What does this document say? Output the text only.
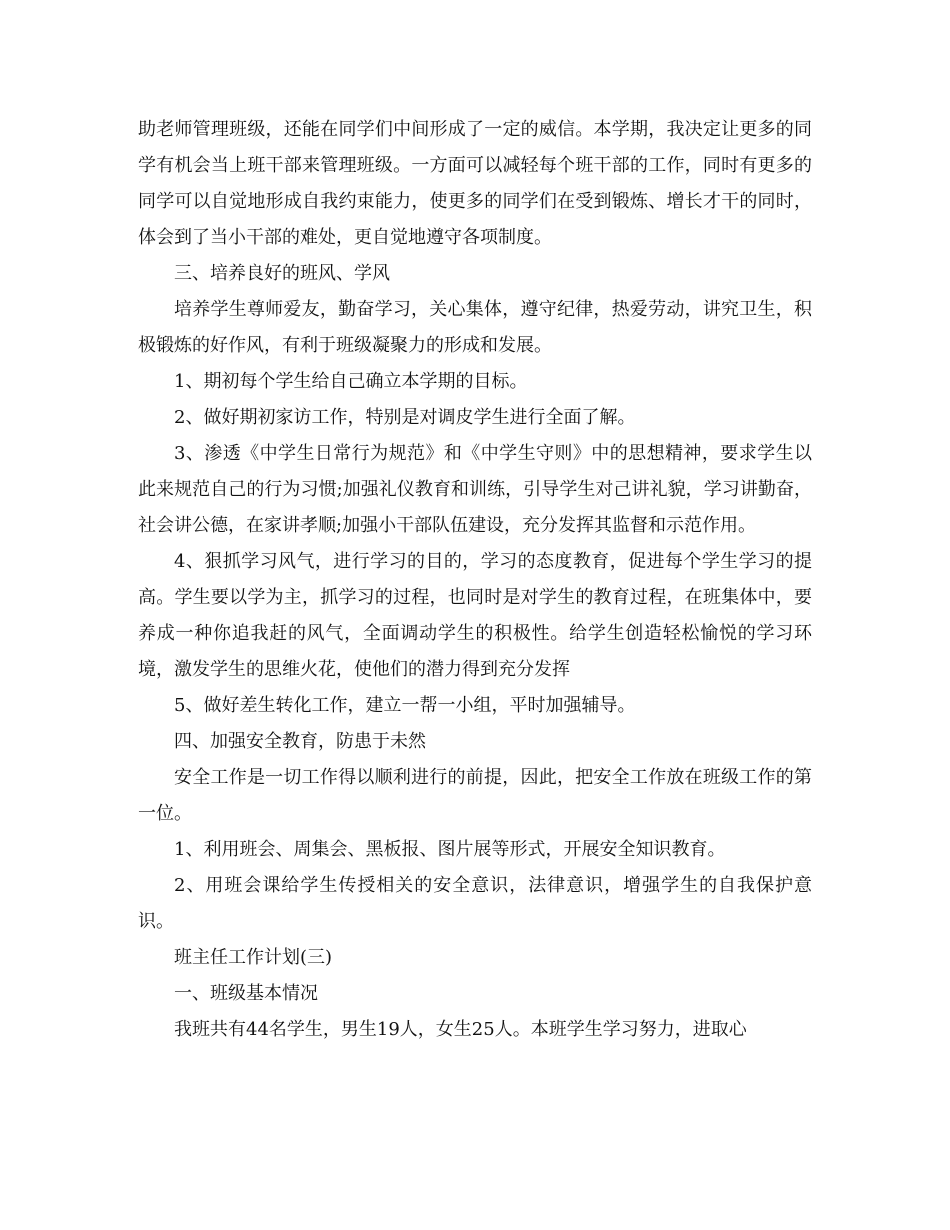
助老师管理班级，还能在同学们中间形成了一定的威信。本学期，我决定让更多的同学有机会当上班干部来管理班级。一方面可以减轻每个班干部的工作，同时有更多的同学可以自觉地形成自我约束能力，使更多的同学们在受到锻炼、增长才干的同时，体会到了当小干部的难处，更自觉地遵守各项制度。

三、培养良好的班风、学风

培养学生尊师爱友，勤奋学习，关心集体，遵守纪律，热爱劳动，讲究卫生，积极锻炼的好作风，有利于班级凝聚力的形成和发展。

1、期初每个学生给自己确立本学期的目标。

2、做好期初家访工作，特别是对调皮学生进行全面了解。

3、渗透《中学生日常行为规范》和《中学生守则》中的思想精神，要求学生以此来规范自己的行为习惯;加强礼仪教育和训练，引导学生对己讲礼貌，学习讲勤奋，社会讲公德，在家讲孝顺;加强小干部队伍建设，充分发挥其监督和示范作用。

4、狠抓学习风气，进行学习的目的，学习的态度教育，促进每个学生学习的提高。学生要以学为主，抓学习的过程，也同时是对学生的教育过程，在班集体中，要养成一种你追我赶的风气，全面调动学生的积极性。给学生创造轻松愉悦的学习环境，激发学生的思维火花，使他们的潜力得到充分发挥

5、做好差生转化工作，建立一帮一小组，平时加强辅导。

四、加强安全教育，防患于未然

安全工作是一切工作得以顺利进行的前提，因此，把安全工作放在班级工作的第一位。

1、利用班会、周集会、黑板报、图片展等形式，开展安全知识教育。

2、用班会课给学生传授相关的安全意识，法律意识，增强学生的自我保护意识。

班主任工作计划(三)

一、班级基本情况

我班共有44名学生，男生19人，女生25人。本班学生学习努力，进取心
